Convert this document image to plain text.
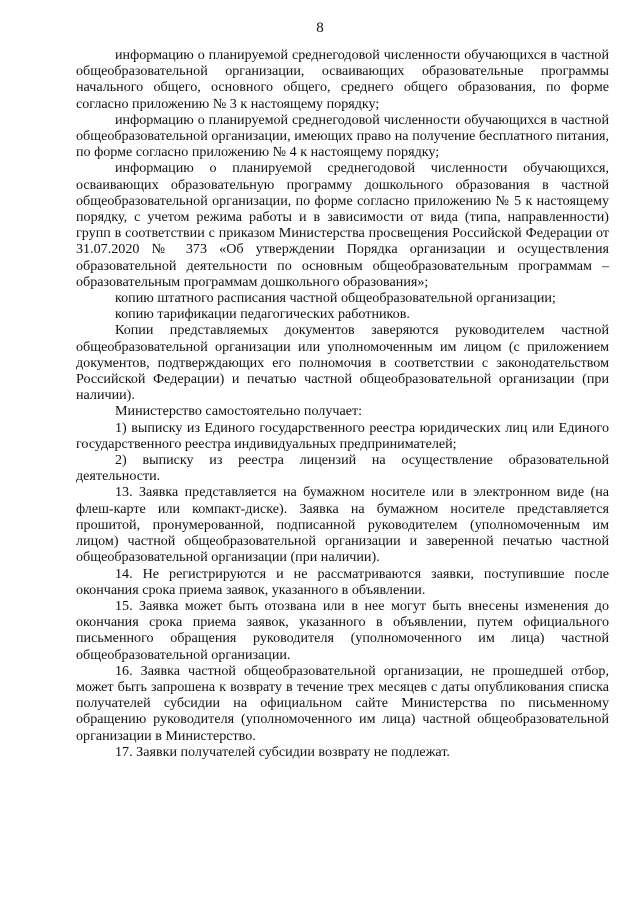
8

информацию о планируемой среднегодовой численности обучающихся в частной общеобразовательной организации, осваивающих образовательные программы начального общего, основного общего, среднего общего образования, по форме согласно приложению № 3 к настоящему порядку;

информацию о планируемой среднегодовой численности обучающихся в частной общеобразовательной организации, имеющих право на получение бесплатного питания, по форме согласно приложению № 4 к настоящему порядку;

информацию о планируемой среднегодовой численности обучающихся, осваивающих образовательную программу дошкольного образования в частной общеобразовательной организации, по форме согласно приложению № 5 к настоящему порядку, с учетом режима работы и в зависимости от вида (типа, направленности) групп в соответствии с приказом Министерства просвещения Российской Федерации от 31.07.2020 № 373 «Об утверждении Порядка организации и осуществления образовательной деятельности по основным общеобразовательным программам – образовательным программам дошкольного образования»;

копию штатного расписания частной общеобразовательной организации;

копию тарификации педагогических работников.

Копии представляемых документов заверяются руководителем частной общеобразовательной организации или уполномоченным им лицом (с приложением документов, подтверждающих его полномочия в соответствии с законодательством Российской Федерации) и печатью частной общеобразовательной организации (при наличии).

Министерство самостоятельно получает:

1) выписку из Единого государственного реестра юридических лиц или Единого государственного реестра индивидуальных предпринимателей;

2) выписку из реестра лицензий на осуществление образовательной деятельности.

13. Заявка представляется на бумажном носителе или в электронном виде (на флеш-карте или компакт-диске). Заявка на бумажном носителе представляется прошитой, пронумерованной, подписанной руководителем (уполномоченным им лицом) частной общеобразовательной организации и заверенной печатью частной общеобразовательной организации (при наличии).

14. Не регистрируются и не рассматриваются заявки, поступившие после окончания срока приема заявок, указанного в объявлении.

15. Заявка может быть отозвана или в нее могут быть внесены изменения до окончания срока приема заявок, указанного в объявлении, путем официального письменного обращения руководителя (уполномоченного им лица) частной общеобразовательной организации.

16. Заявка частной общеобразовательной организации, не прошедшей отбор, может быть запрошена к возврату в течение трех месяцев с даты опубликования списка получателей субсидии на официальном сайте Министерства по письменному обращению руководителя (уполномоченного им лица) частной общеобразовательной организации в Министерство.

17. Заявки получателей субсидии возврату не подлежат.
